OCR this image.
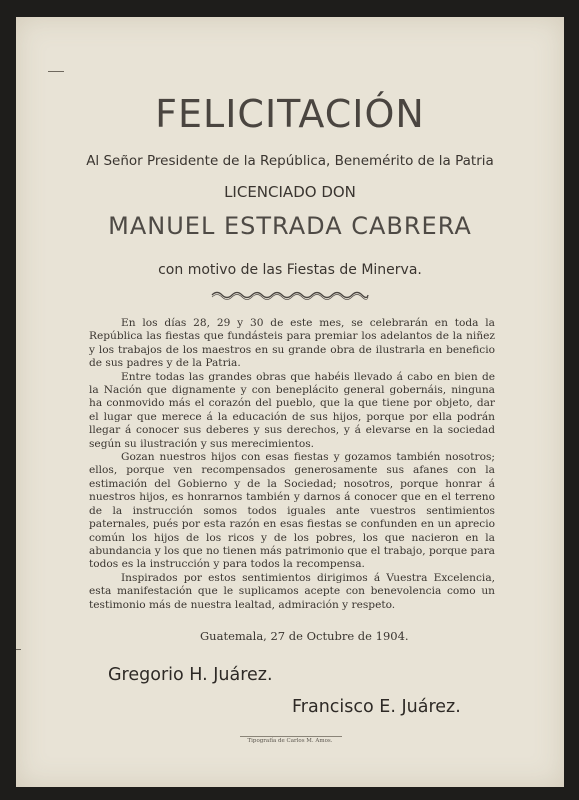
FELICITACIÓN
Al Señor Presidente de la República, Benemérito de la Patria
LICENCIADO DON
MANUEL ESTRADA CABRERA
con motivo de las Fiestas de Minerva.

En los días 28, 29 y 30 de este mes, se celebrarán en toda la República las fiestas que fundásteis para premiar los adelantos de la niñez y los trabajos de los maestros en su grande obra de ilustrarla en beneficio de sus padres y de la Patria.

Entre todas las grandes obras que habéis llevado á cabo en bien de la Nación que dignamente y con beneplácito general gobernáis, ninguna ha conmovido más el corazón del pueblo, que la que tiene por objeto, dar el lugar que merece á la educación de sus hijos, porque por ella podrán llegar á conocer sus deberes y sus derechos, y á elevarse en la sociedad según su ilustración y sus merecimientos.

Gozan nuestros hijos con esas fiestas y gozamos también nosotros; ellos, porque ven recompensados generosamente sus afanes con la estimación del Gobierno y de la Sociedad; nosotros, porque honrar á nuestros hijos, es honrarnos también y darnos á conocer que en el terreno de la instrucción somos todos iguales ante vuestros sentimientos paternales, pués por esta razón en esas fiestas se confunden en un aprecio común los hijos de los ricos y de los pobres, los que nacieron en la abundancia y los que no tienen más patrimonio que el trabajo, porque para todos es la instrucción y para todos la recompensa.

Inspirados por estos sentimientos dirigimos á Vuestra Excelencia, esta manifestación que le suplicamos acepte con benevolencia como un testimonio más de nuestra lealtad, admiración y respeto.

Guatemala, 27 de Octubre de 1904.
Gregorio H. Juárez.
Francisco E. Juárez.
Tipografía de Carlos M. Amos.
